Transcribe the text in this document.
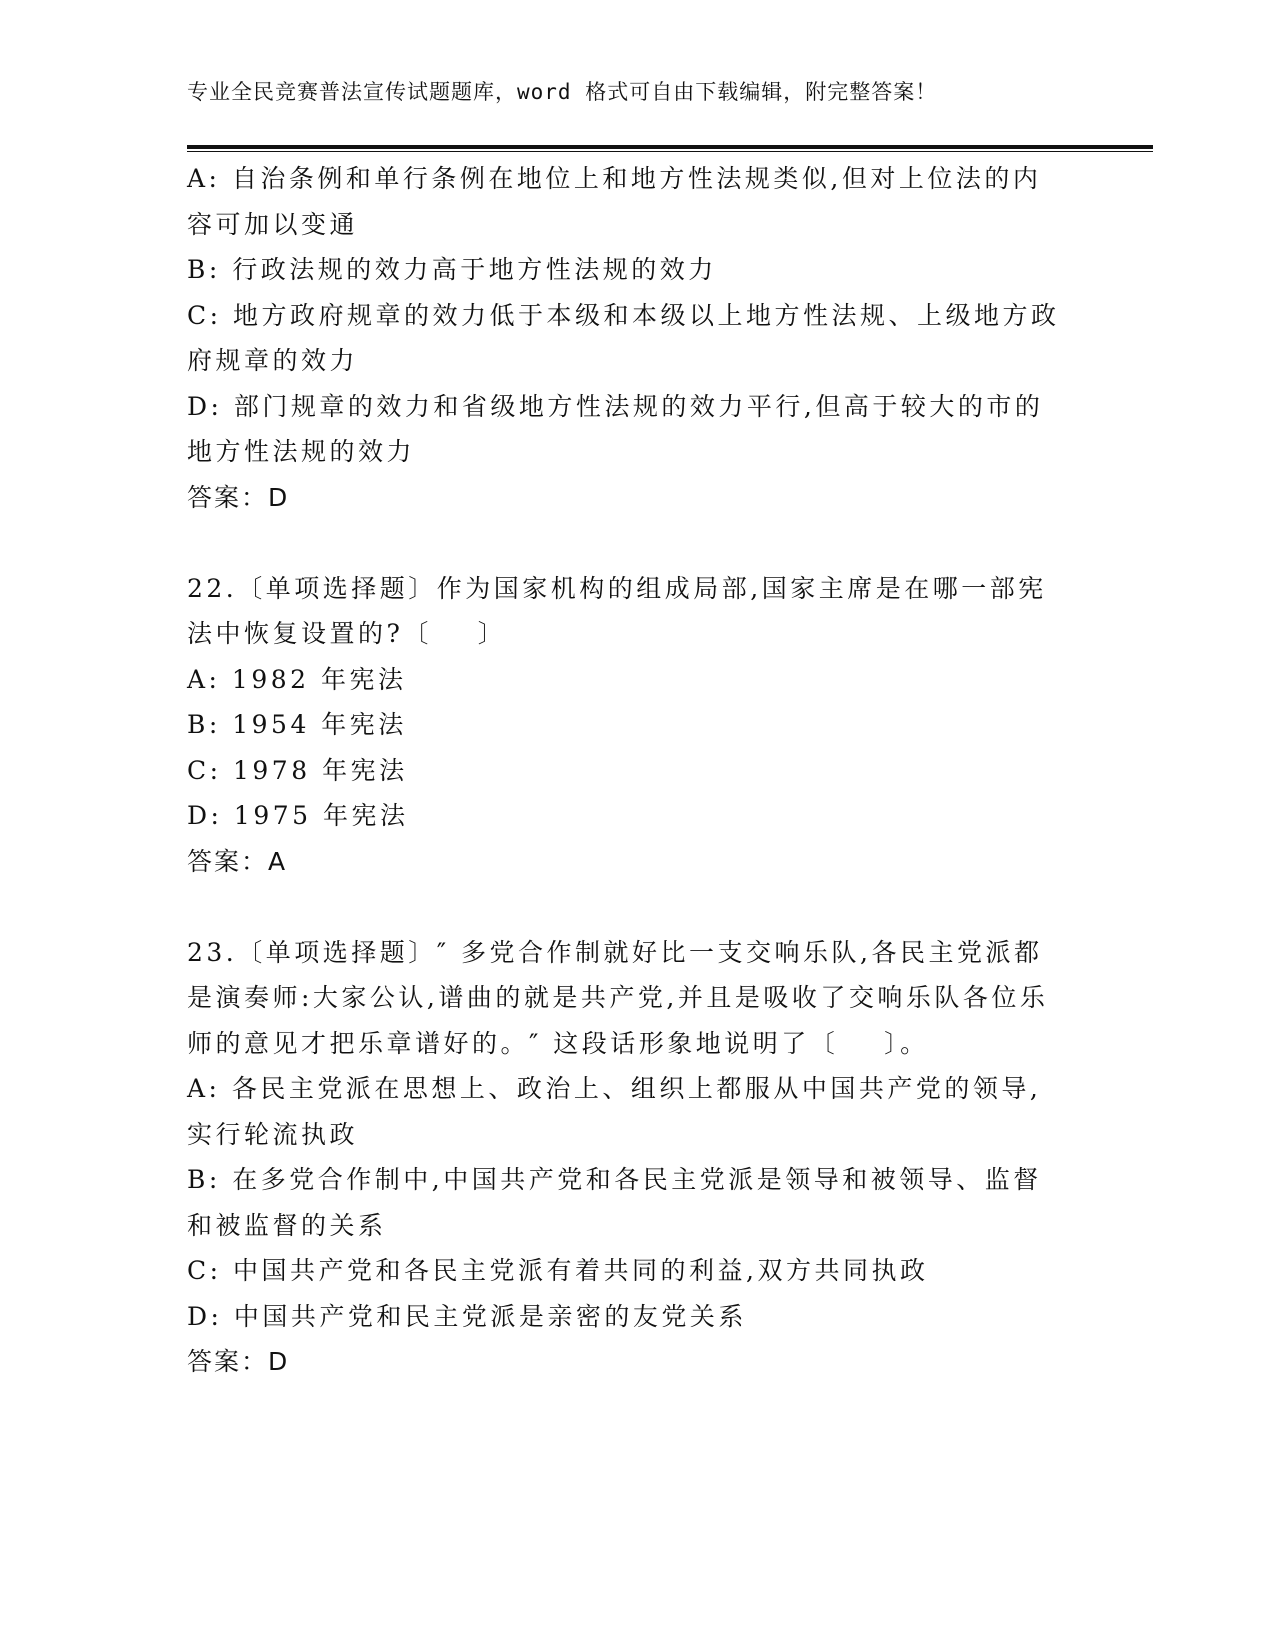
专业全民竞赛普法宣传试题题库，word 格式可自由下载编辑，附完整答案！
A: 自治条例和单行条例在地位上和地方性法规类似,但对上位法的内
容可加以变通
B: 行政法规的效力高于地方性法规的效力
C: 地方政府规章的效力低于本级和本级以上地方性法规、上级地方政
府规章的效力
D: 部门规章的效力和省级地方性法规的效力平行,但高于较大的市的
地方性法规的效力
答案：D
22.〔单项选择题〕作为国家机构的组成局部,国家主席是在哪一部宪
法中恢复设置的?〔    〕
A: 1982 年宪法
B: 1954 年宪法
C: 1978 年宪法
D: 1975 年宪法
答案：A
23.〔单项选择题〕″ 多党合作制就好比一支交响乐队,各民主党派都
是演奏师:大家公认,谱曲的就是共产党,并且是吸收了交响乐队各位乐
师的意见才把乐章谱好的。″ 这段话形象地说明了〔    〕。
A: 各民主党派在思想上、政治上、组织上都服从中国共产党的领导,
实行轮流执政
B: 在多党合作制中,中国共产党和各民主党派是领导和被领导、监督
和被监督的关系
C: 中国共产党和各民主党派有着共同的利益,双方共同执政
D: 中国共产党和民主党派是亲密的友党关系
答案：D
